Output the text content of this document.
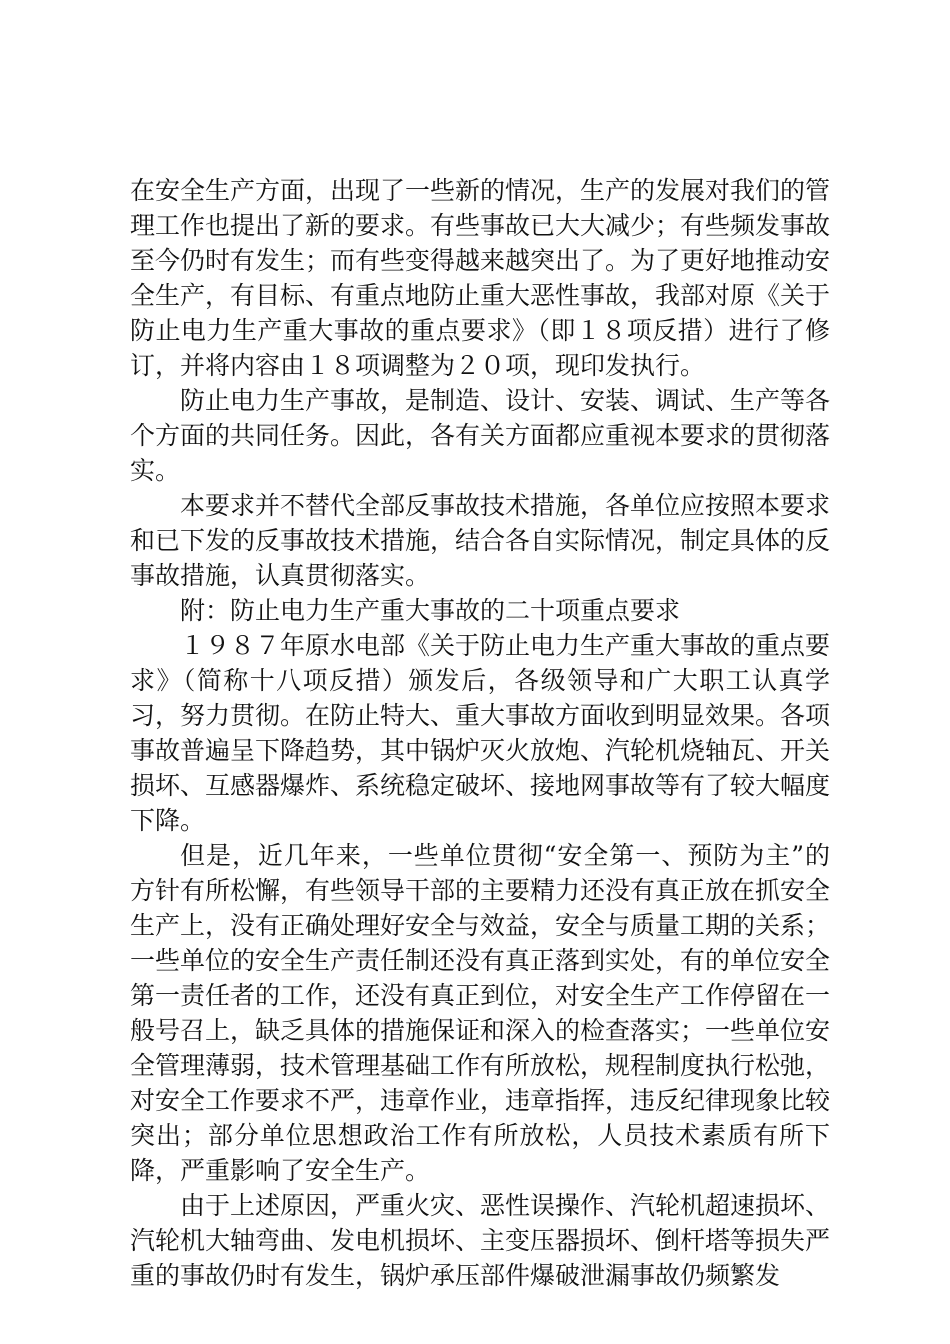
在安全生产方面，出现了一些新的情况，生产的发展对我们的管理工作也提出了新的要求。有些事故已大大减少；有些频发事故至今仍时有发生；而有些变得越来越突出了。为了更好地推动安全生产，有目标、有重点地防止重大恶性事故，我部对原《关于防止电力生产重大事故的重点要求》（即１８项反措）进行了修订，并将内容由１８项调整为２０项，现印发执行。

防止电力生产事故，是制造、设计、安装、调试、生产等各个方面的共同任务。因此，各有关方面都应重视本要求的贯彻落实。

本要求并不替代全部反事故技术措施，各单位应按照本要求和已下发的反事故技术措施，结合各自实际情况，制定具体的反事故措施，认真贯彻落实。

附：防止电力生产重大事故的二十项重点要求

１９８７年原水电部《关于防止电力生产重大事故的重点要求》（简称十八项反措）颁发后，各级领导和广大职工认真学习，努力贯彻。在防止特大、重大事故方面收到明显效果。各项事故普遍呈下降趋势，其中锅炉灭火放炮、汽轮机烧轴瓦、开关损坏、互感器爆炸、系统稳定破坏、接地网事故等有了较大幅度下降。

但是，近几年来，一些单位贯彻“安全第一、预防为主”的方针有所松懈，有些领导干部的主要精力还没有真正放在抓安全生产上，没有正确处理好安全与效益，安全与质量工期的关系；一些单位的安全生产责任制还没有真正落到实处，有的单位安全第一责任者的工作，还没有真正到位，对安全生产工作停留在一般号召上，缺乏具体的措施保证和深入的检查落实；一些单位安全管理薄弱，技术管理基础工作有所放松，规程制度执行松弛，对安全工作要求不严，违章作业，违章指挥，违反纪律现象比较突出；部分单位思想政治工作有所放松，人员技术素质有所下降，严重影响了安全生产。

由于上述原因，严重火灾、恶性误操作、汽轮机超速损坏、汽轮机大轴弯曲、发电机损坏、主变压器损坏、倒杆塔等损失严重的事故仍时有发生，锅炉承压部件爆破泄漏事故仍频繁发
